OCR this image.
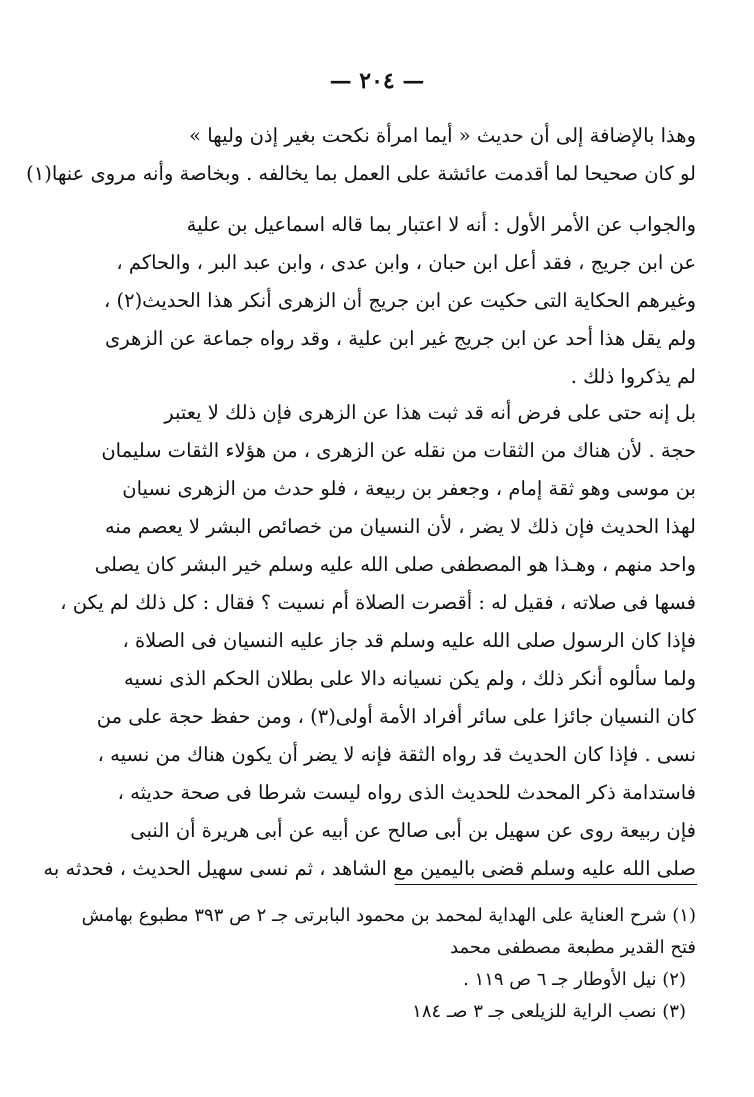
— ٢٠٤ —
وهذا بالإضافة إلى أن حديث « أيما امرأة نكحت بغير إذن وليها »
لو كان صحيحا لما أقدمت عائشة على العمل بما يخالفه . وبخاصة وأنه مروى عنها(١)
والجواب عن الأمر الأول : أنه لا اعتبار بما قاله اسماعيل بن علية
عن ابن جريج ، فقد أعل ابن حبان ، وابن عدى ، وابن عبد البر ، والحاكم ،
وغيرهم الحكاية التى حكيت عن ابن جريج أن الزهرى أنكر هذا الحديث(٢) ،
ولم يقل هذا أحد عن ابن جريج غير ابن علية ، وقد رواه جماعة عن الزهرى
لم يذكروا ذلك .
بل إنه حتى على فرض أنه قد ثبت هذا عن الزهرى فإن ذلك لا يعتبر
حجة . لأن هناك من الثقات من نقله عن الزهرى ، من هؤلاء الثقات سليمان
بن موسى وهو ثقة إمام ، وجعفر بن ربيعة ، فلو حدث من الزهرى نسيان
لهذا الحديث فإن ذلك لا يضر ، لأن النسيان من خصائص البشر لا يعصم منه
واحد منهم ، وهـذا هو المصطفى صلى الله عليه وسلم خير البشر كان يصلى
فسها فى صلاته ، فقيل له : أقصرت الصلاة أم نسيت ؟ فقال : كل ذلك لم يكن ،
فإذا كان الرسول صلى الله عليه وسلم قد جاز عليه النسيان فى الصلاة ،
ولما سألوه أنكر ذلك ، ولم يكن نسيانه دالا على بطلان الحكم الذى نسيه
كان النسيان جائزا على سائر أفراد الأمة أولى(٣) ، ومن حفظ حجة على من
نسى . فإذا كان الحديث قد رواه الثقة فإنه لا يضر أن يكون هناك من نسيه ،
فاستدامة ذكر المحدث للحديث الذى رواه ليست شرطا فى صحة حديثه ،
فإن ربيعة روى عن سهيل بن أبى صالح عن أبيه عن أبى هريرة أن النبى
صلى الله عليه وسلم قضى باليمين مع الشاهد ، ثم نسى سهيل الحديث ، فحدثه به
(١) شرح العناية على الهداية لمحمد بن محمود البابرتى جـ ٢ ص ٣٩٣ مطبوع بهامش
فتح القدير مطبعة مصطفى محمد
(٢) نيل الأوطار جـ ٦ ص ١١٩ .
(٣) نصب الراية للزيلعى جـ ٣ صـ ١٨٤
